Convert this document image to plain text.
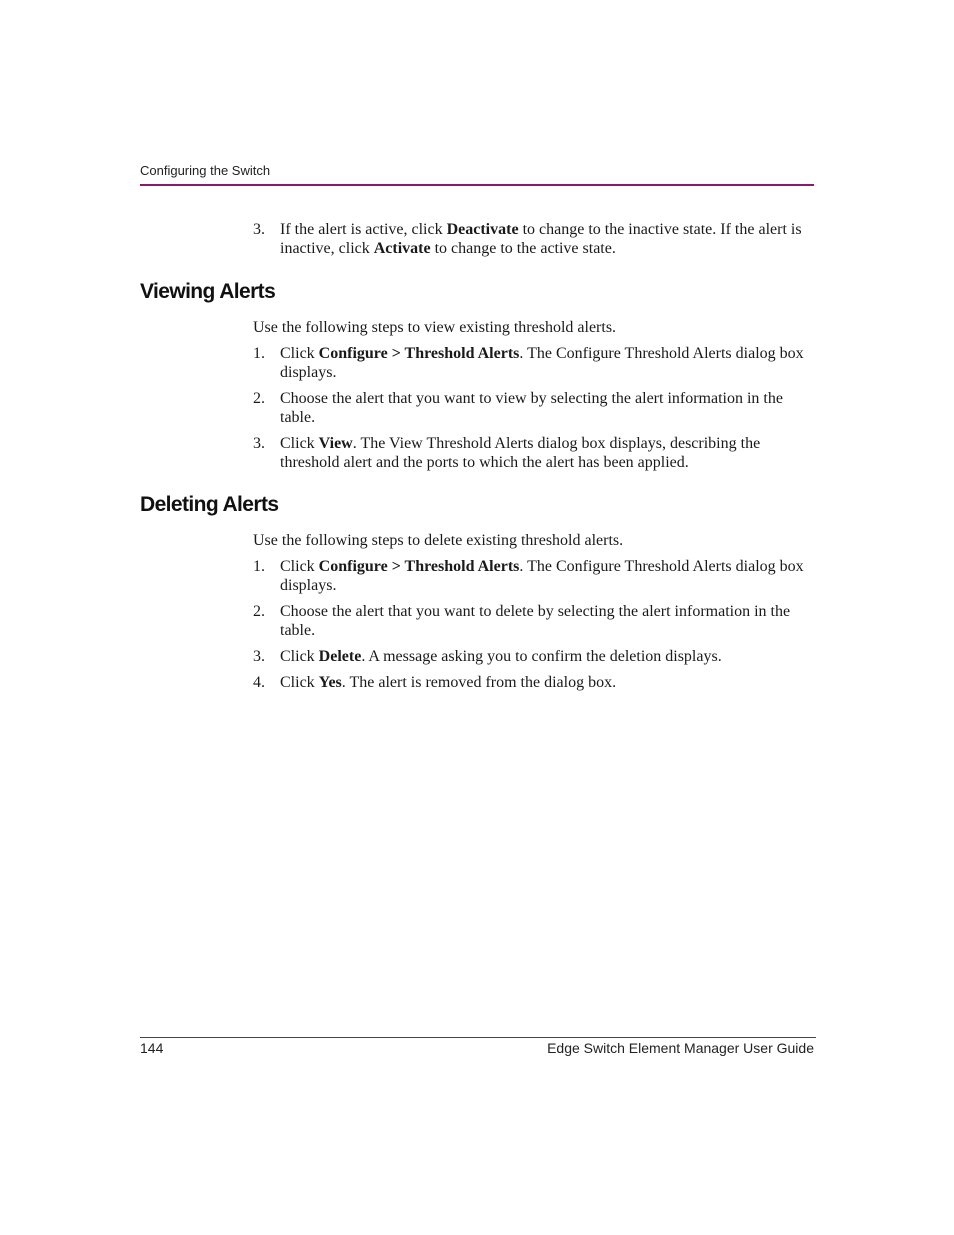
Configuring the Switch
3. If the alert is active, click Deactivate to change to the inactive state. If the alert is inactive, click Activate to change to the active state.
Viewing Alerts

Use the following steps to view existing threshold alerts.

1. Click Configure > Threshold Alerts. The Configure Threshold Alerts dialog box displays.
2. Choose the alert that you want to view by selecting the alert information in the table.
3. Click View. The View Threshold Alerts dialog box displays, describing the threshold alert and the ports to which the alert has been applied.
Deleting Alerts

Use the following steps to delete existing threshold alerts.

1. Click Configure > Threshold Alerts. The Configure Threshold Alerts dialog box displays.
2. Choose the alert that you want to delete by selecting the alert information in the table.
3. Click Delete. A message asking you to confirm the deletion displays.
4. Click Yes. The alert is removed from the dialog box.
144	Edge Switch Element Manager User Guide
